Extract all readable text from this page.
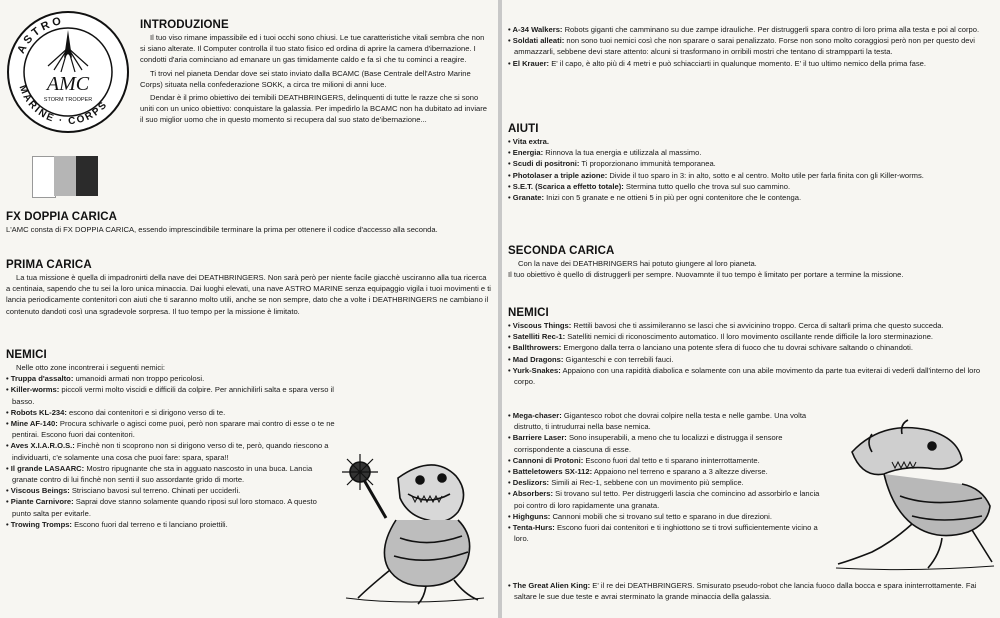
ASTRO
MARINE · CORPS
AMC
STORM TROOPER

INTRODUZIONE

Il tuo viso rimane impassibile ed i tuoi occhi sono chiusi. Le tue caratteristiche vitali sembra che non si siano alterate. Il Computer controlla il tuo stato fisico ed ordina di aprire la camera d'ibernazione. I condotti d'aria cominciano ad emanare un gas timidamente caldo e fa sì che tu cominci a reagire.

Ti trovi nel pianeta Dendar dove sei stato inviato dalla BCAMC (Base Centrale dell'Astro Marine Corps) situata nella confederazione SOKK, a circa tre milioni di anni luce.

Dendar è il primo obiettivo dei temibili DEATHBRINGERS, delinquenti di tutte le razze che si sono uniti con un unico obiettivo: conquistare la galassia. Per impedirlo la BCAMC non ha dubitato ad inviare il suo miglior uomo che in questo momento si recupera dal suo stato de'ibernazione...

FX DOPPIA CARICA

L'AMC consta di FX DOPPIA CARICA, essendo imprescindibile terminare la prima per ottenere il codice d'accesso alla seconda.

PRIMA CARICA

La tua missione è quella di impadronirti della nave dei DEATHBRINGERS. Non sarà però per niente facile giacchè usciranno alla tua ricerca a centinaia, sapendo che tu sei la loro unica minaccia. Dai luoghi elevati, una nave ASTRO MARINE senza equipaggio vigila i tuoi movimenti e ti lancia periodicamente contenitori con aiuti che ti saranno molto utili, anche se non sempre, dato che a volte i DEATHBRINGERS ne cambiano il contenuto dandoti così una sgradevole sorpresa. Il tuo tempo per la missione è limitato.

NEMICI

Nelle otto zone incontrerai i seguenti nemici:

• Truppa d'assalto: umanoidi armati non troppo pericolosi.
• Killer-worms: piccoli vermi molto viscidi e difficili da colpire. Per annichilirli salta e spara verso il basso.
• Robots KL-234: escono dai contenitori e si dirigono verso di te.
• Mine AF-140: Procura schivarle o agisci come puoi, però non sparare mai contro di esse o te ne pentirai. Escono fuori dai contenitori.
• Aves X.I.A.R.O.S.: Finchè non ti scoprono non si dirigono verso di te, però, quando riescono a individuarti, c'e solamente una cosa che puoi fare: spara, spara!!
• Il grande LASAARC: Mostro ripugnante che sta in agguato nascosto in una buca. Lancia granate contro di lui finchè non senti il suo assordante grido di morte.
• Viscous Beings: Strisciano bavosi sul terreno. Chinati per ucciderli.
• Piante Carnivore: Saprai dove stanno solamente quando riposi sul loro stomaco. A questo punto salta per evitarle.
• Trowing Tromps: Escono fuori dal terreno e ti lanciano proiettili.
• A-34 Walkers: Robots giganti che camminano su due zampe idrauliche. Per distruggerli spara contro di loro prima alla testa e poi al corpo.
• Soldati alleati: non sono tuoi nemici così che non sparare o sarai penalizzato. Forse non sono molto coraggiosi però non per questo devi ammazzarli, sebbene devi stare attento: alcuni si trasformano in orribili mostri che tentano di strampparti la testa.
• El Krauer: E' il capo, è alto più di 4 metri e può schiacciarti in qualunque momento. E' il tuo ultimo nemico della prima fase.

AIUTI

• Vita extra.
• Energia: Rinnova la tua energia e utilizzala al massimo.
• Scudi di positroni: Ti proporzionano immunità temporanea.
• Photolaser a triple azione: Divide il tuo sparo in 3: in alto, sotto e al centro. Molto utile per farla finita con gli Killer-worms.
• S.E.T. (Scarica a effetto totale): Stermina tutto quello che trova sul suo cammino.
• Granate: Inizi con 5 granate e ne ottieni 5 in più per ogni contenitore che le contenga.

SECONDA CARICA

Con la nave dei DEATHBRINGERS hai potuto giungere al loro pianeta.

Il tuo obiettivo è quello di distruggerli per sempre. Nuovamnte il tuo tempo è limitato per portare a termine la missione.

NEMICI

• Viscous Things: Rettili bavosi che ti assimileranno se lasci che si avvicinino troppo. Cerca di saltarli prima che questo succeda.
• Satelliti Rec-1: Satelliti nemici di riconoscimento automatico. Il loro movimento oscillante rende difficile la loro sterminazione.
• Ballthrowers: Emergono dalla terra o lanciano una potente sfera di fuoco che tu dovrai schivare saltando o chinandoti.
• Mad Dragons: Giganteschi e con terrebili fauci.
• Yurk-Snakes: Appaiono con una rapidità diabolica e solamente con una abile movimento da parte tua eviterai di vederli dall'interno del loro corpo.
• Mega-chaser: Gigantesco robot che dovrai colpire nella testa e nelle gambe. Una volta distrutto, ti intrudurrai nella base nemica.
• Barriere Laser: Sono insuperabili, a meno che tu localizzi e distrugga il sensore corrispondente a ciascuna di esse.
• Cannoni di Protoni: Escono fuori dal tetto e ti sparano ininterrottamente.
• Batteletowers SX-112: Appaiono nel terreno e sparano a 3 altezze diverse.
• Deslizors: Simili ai Rec-1, sebbene con un movimento più semplice.
• Absorbers: Si trovano sul tetto. Per distruggerli lascia che comincino ad assorbirlo e lancia poi contro di loro rapidamente una granata.
• Highguns: Cannoni mobili che si trovano sul tetto e sparano in due direzioni.
• Tenta-Hurs: Escono fuori dai contenitori e ti inghiottono se ti trovi sufficientemente vicino a loro.
• The Great Alien King: E' il re dei DEATHBRINGERS. Smisurato pseudo-robot che lancia fuoco dalla bocca e spara ininterrottamente. Fai saltare le sue due teste e avrai sterminato la grande minaccia della galassia.
